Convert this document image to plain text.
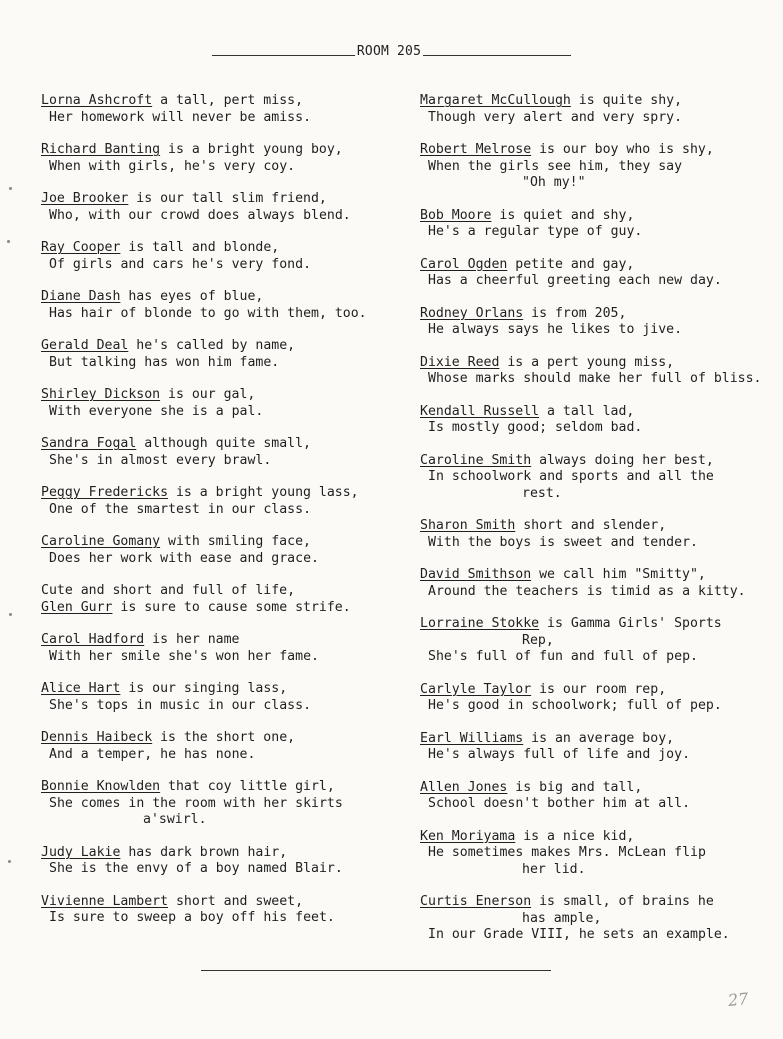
ROOM 205
Lorna Ashcroft a tall, pert miss,
Her homework will never be amiss.
Richard Banting is a bright young boy,
When with girls, he's very coy.
Joe Brooker is our tall slim friend,
Who, with our crowd does always blend.
Ray Cooper is tall and blonde,
Of girls and cars he's very fond.
Diane Dash has eyes of blue,
Has hair of blonde to go with them, too.
Gerald Deal he's called by name,
But talking has won him fame.
Shirley Dickson is our gal,
With everyone she is a pal.
Sandra Fogal although quite small,
She's in almost every brawl.
Peggy Fredericks is a bright young lass,
One of the smartest in our class.
Caroline Gomany with smiling face,
Does her work with ease and grace.
Cute and short and full of life,
Glen Gurr is sure to cause some strife.
Carol Hadford is her name
With her smile she's won her fame.
Alice Hart is our singing lass,
She's tops in music in our class.
Dennis Haibeck is the short one,
And a temper, he has none.
Bonnie Knowlden that coy little girl,
She comes in the room with her skirts
a'swirl.
Judy Lakie has dark brown hair,
She is the envy of a boy named Blair.
Vivienne Lambert short and sweet,
Is sure to sweep a boy off his feet.
Margaret McCullough is quite shy,
Though very alert and very spry.
Robert Melrose is our boy who is shy,
When the girls see him, they say
"Oh my!"
Bob Moore is quiet and shy,
He's a regular type of guy.
Carol Ogden petite and gay,
Has a cheerful greeting each new day.
Rodney Orlans is from 205,
He always says he likes to jive.
Dixie Reed is a pert young miss,
Whose marks should make her full of bliss.
Kendall Russell a tall lad,
Is mostly good; seldom bad.
Caroline Smith always doing her best,
In schoolwork and sports and all the
rest.
Sharon Smith short and slender,
With the boys is sweet and tender.
David Smithson we call him "Smitty",
Around the teachers is timid as a kitty.
Lorraine Stokke is Gamma Girls' Sports
Rep,
She's full of fun and full of pep.
Carlyle Taylor is our room rep,
He's good in schoolwork; full of pep.
Earl Williams is an average boy,
He's always full of life and joy.
Allen Jones is big and tall,
School doesn't bother him at all.
Ken Moriyama is a nice kid,
He sometimes makes Mrs. McLean flip
her lid.
Curtis Enerson is small, of brains he
has ample,
In our Grade VIII, he sets an example.
27
